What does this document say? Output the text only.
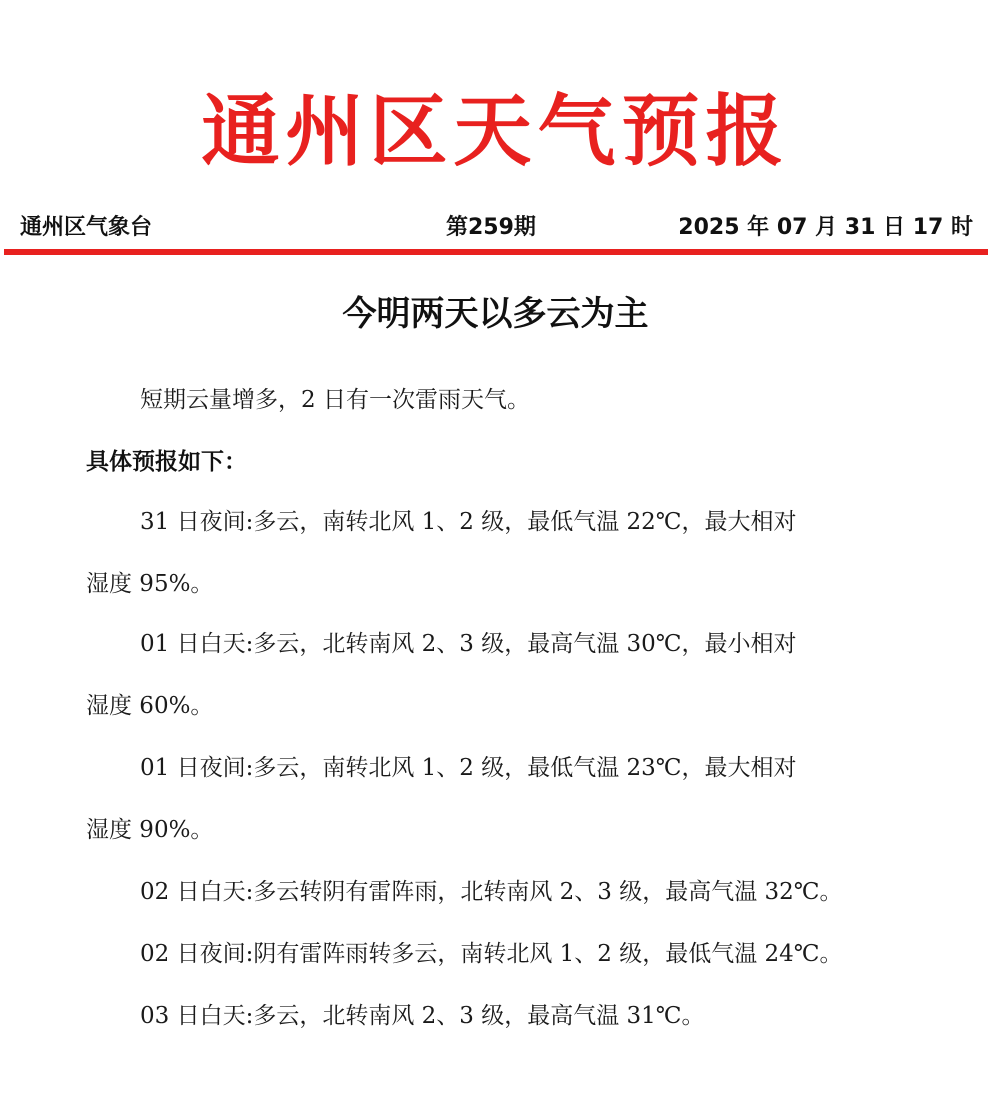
通州区天气预报
通州区气象台	第259期	2025 年 07 月 31 日 17 时
今明两天以多云为主
短期云量增多，2 日有一次雷雨天气。
具体预报如下：
31 日夜间:多云，南转北风 1、2 级，最低气温 22℃，最大相对
湿度 95%。
01 日白天:多云，北转南风 2、3 级，最高气温 30℃，最小相对
湿度 60%。
01 日夜间:多云，南转北风 1、2 级，最低气温 23℃，最大相对
湿度 90%。
02 日白天:多云转阴有雷阵雨，北转南风 2、3 级，最高气温 32℃。
02 日夜间:阴有雷阵雨转多云，南转北风 1、2 级，最低气温 24℃。
03 日白天:多云，北转南风 2、3 级，最高气温 31℃。
